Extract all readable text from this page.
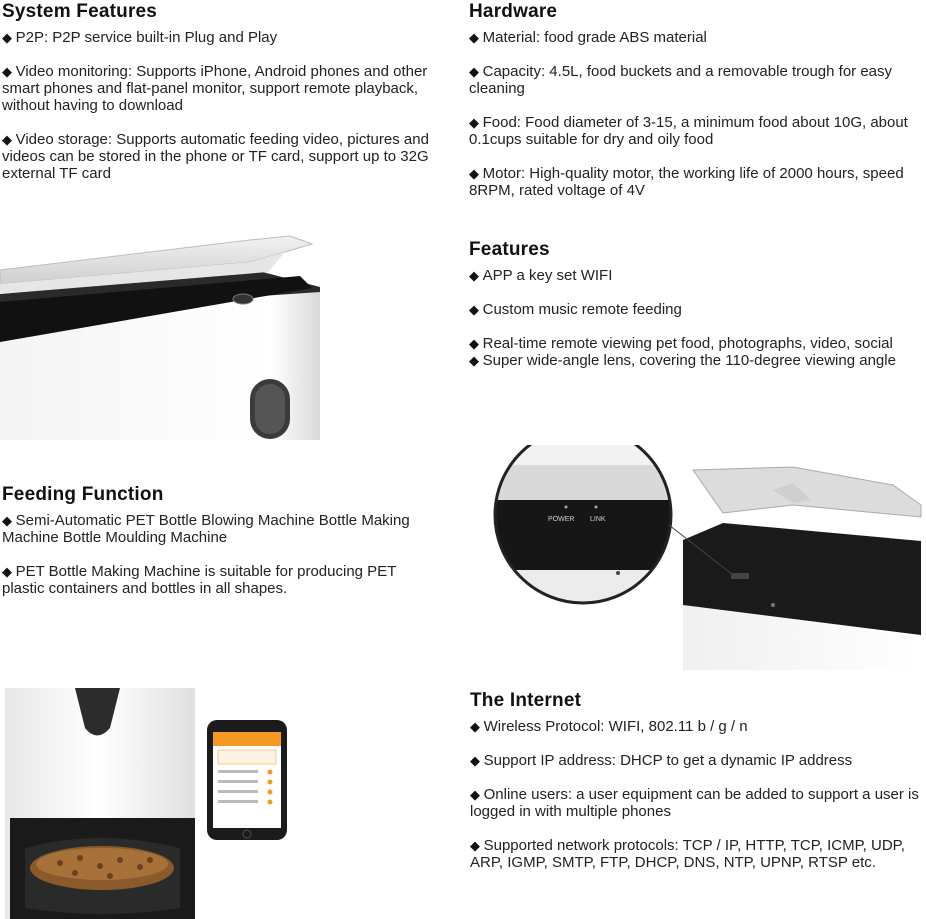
System Features

◆ P2P: P2P service built-in Plug and Play

◆ Video monitoring: Supports iPhone, Android phones and other smart phones and flat-panel monitor, support remote playback, without having to download

◆ Video storage: Supports automatic feeding video, pictures and videos can be stored in the phone or TF card, support up to 32G external TF card

Hardware

◆ Material: food grade ABS material

◆ Capacity: 4.5L, food buckets and a removable trough for easy cleaning

◆ Food: Food diameter of 3-15, a minimum food about 10G, about 0.1cups suitable for dry and oily food

◆ Motor: High-quality motor, the working life of 2000 hours, speed 8RPM, rated voltage of 4V

Features

◆ APP a key set WIFI

◆ Custom music remote feeding

◆ Real-time remote viewing pet food, photographs, video, social

◆ Super wide-angle lens, covering the 110-degree viewing angle

Feeding Function

◆ Semi-Automatic PET Bottle Blowing Machine Bottle Making Machine Bottle Moulding Machine

◆ PET Bottle Making Machine is suitable for producing PET plastic containers and bottles in all shapes.

The Internet

◆ Wireless Protocol: WIFI, 802.11 b / g / n

◆ Support IP address: DHCP to get a dynamic IP address

◆ Online users: a user equipment can be added to support a user is logged in with multiple phones

◆ Supported network protocols: TCP / IP, HTTP, TCP, ICMP, UDP, ARP, IGMP, SMTP, FTP, DHCP, DNS, NTP, UPNP, RTSP etc.

POWER LINK
